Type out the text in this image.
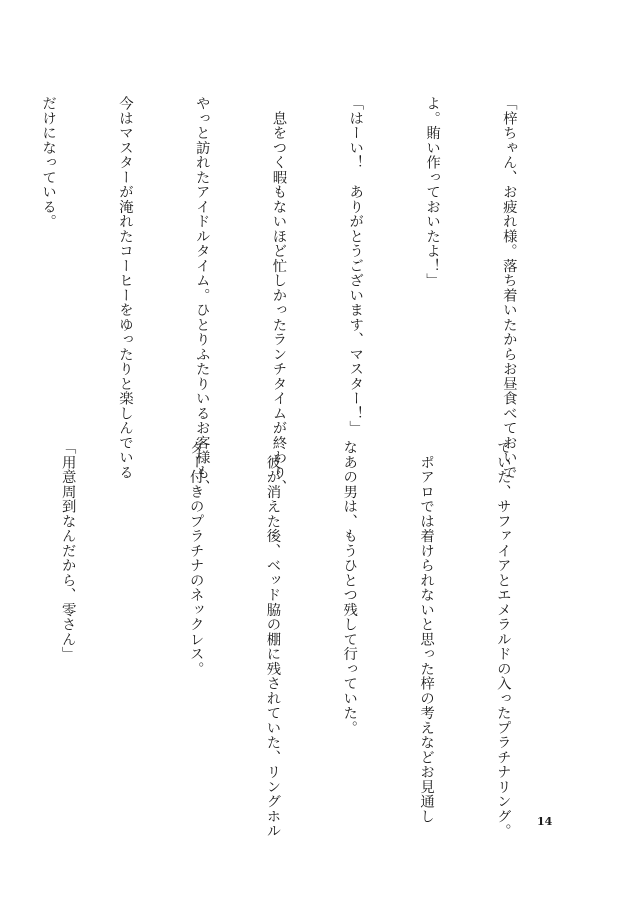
「梓ちゃん、お疲れ様。落ち着いたからお昼食べておいで

よ。賄い作っておいたよ！」

「はーい！　ありがとうございます、マスター！」

　息をつく暇もないほど忙しかったランチタイムが終わり、

やっと訪れたアイドルタイム。ひとりふたりいるお客様も、

今はマスターが淹れたコーヒーをゆったりと楽しんでいる

だけになっている。

ていた、サファイアとエメラルドの入ったプラチナリング。

　ポアロでは着けられないと思った梓の考えなどお見通し

なあの男は、もうひとつ残して行っていた。

　彼が消えた後、ベッド脇の棚に残されていた、リングホル

ダー付きのプラチナのネックレス。

「用意周到なんだから、零さん」

14
